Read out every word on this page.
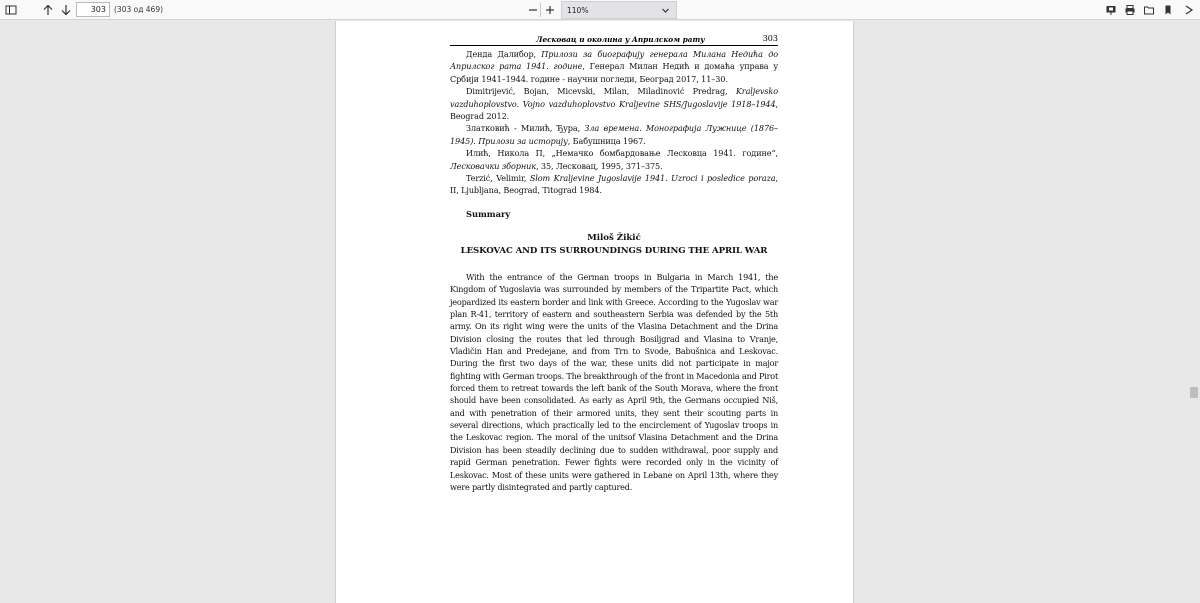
303
(303 од 469)	110%
Лесковац и околина у Априлском рату	303

Денда Далибор, Прилози за биографију генерала Милана Недића до Априлског рата 1941. године, Генерал Милан Недић и домаћа управа у Србији 1941–1944. године - научни погледи, Београд 2017, 11–30.

Dimitrijević, Bojan, Micevski, Milan, Miladinović Predrag, Kraljevsko vazduhoplovstvo. Vojno vazduhoplovstvo Kraljevine SHS/Jugoslavije 1918–1944, Beograd 2012.

Златковић - Милић, Ђура, Зла времена. Монографија Лужнице (1876–1945). Прилози за историју, Бабушница 1967.

Илић, Никола П, „Немачко бомбардовање Лесковца 1941. године“, Лесковачки зборник, 35, Лесковац, 1995, 371–375.

Terzić, Velimir, Slom Kraljevine Jugoslavije 1941. Uzroci i posledice poraza, II, Ljubljana, Beograd, Titograd 1984.

Summary
Miloš Žikić
LESKOVAC AND ITS SURROUNDINGS DURING THE APRIL WAR

With the entrance of the German troops in Bulgaria in March 1941, the Kingdom of Yugoslavia was surrounded by members of the Tripartite Pact, which jeopardized its eastern border and link with Greece. According to the Yugoslav war plan R-41, territory of eastern and southeastern Serbia was defended by the 5th army. On its right wing were the units of the Vlasina Detachment and the Drina Division closing the routes that led through Bosiljgrad and Vlasina to Vranje, Vladičin Han and Predejane, and from Trn to Svode, Babušnica and Leskovac. During the first two days of the war, these units did not participate in major fighting with German troops. The breakthrough of the front in Macedonia and Pirot forced them to retreat towards the left bank of the South Morava, where the front should have been consolidated. As early as April 9th, the Germans occupied Niš, and with penetration of their armored units, they sent their scouting parts in several directions, which practically led to the encirclement of Yugoslav troops in the Leskovac region. The moral of the unitsof Vlasina Detachment and the Drina Division has been steadily declining due to sudden withdrawal, poor supply and rapid German penetration. Fewer fights were recorded only in the vicinity of Leskovac. Most of these units were gathered in Lebane on April 13th, where they were partly disintegrated and partly captured.
